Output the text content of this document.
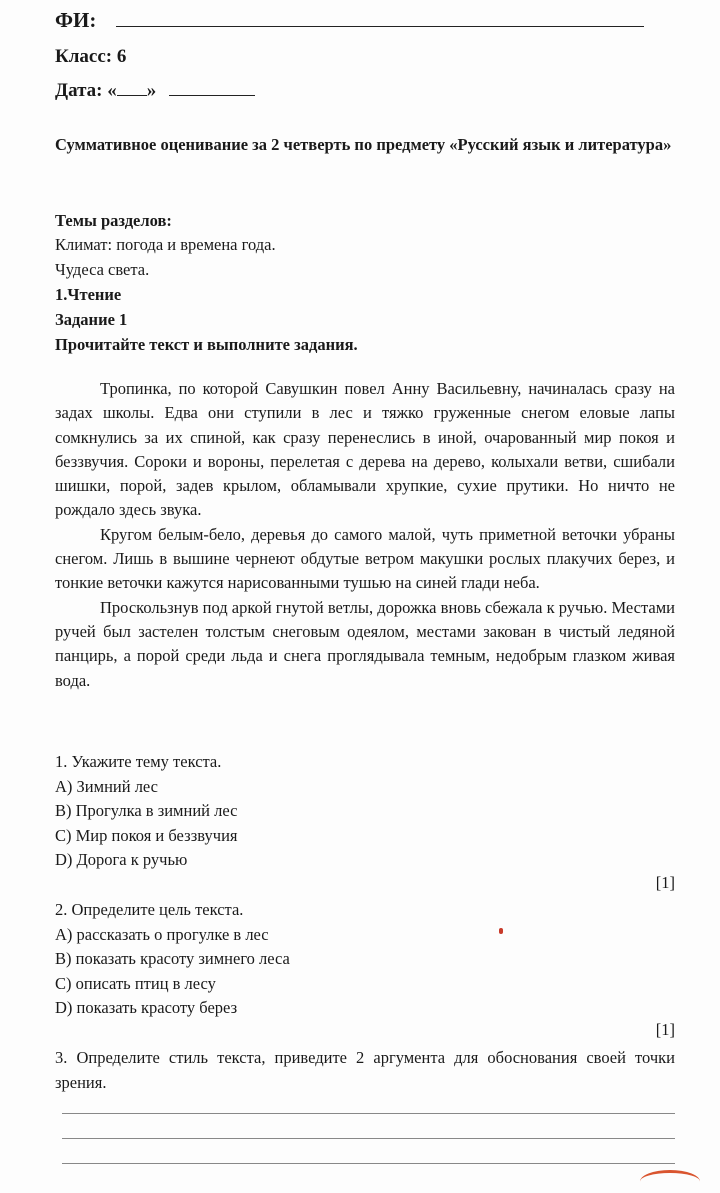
ФИ:
Класс: 6
Дата: « »
Суммативное оценивание за 2 четверть по предмету «Русский язык и литература»
Темы разделов:
Климат: погода и времена года.
Чудеса света.
1.Чтение
Задание 1
Прочитайте текст и выполните задания.

Тропинка, по которой Савушкин повел Анну Васильевну, начиналась сразу на задах школы. Едва они ступили в лес и тяжко груженные снегом еловые лапы сомкнулись за их спиной, как сразу перенеслись в иной, очарованный мир покоя и беззвучия. Сороки и вороны, перелетая с дерева на дерево, колыхали ветви, сшибали шишки, порой, задев крылом, обламывали хрупкие, сухие прутики. Но ничто не рождало здесь звука.

Кругом белым-бело, деревья до самого малой, чуть приметной веточки убраны снегом. Лишь в вышине чернеют обдутые ветром макушки рослых плакучих берез, и тонкие веточки кажутся нарисованными тушью на синей глади неба.

Проскользнув под аркой гнутой ветлы, дорожка вновь сбежала к ручью. Местами ручей был застелен толстым снеговым одеялом, местами закован в чистый ледяной панцирь, а порой среди льда и снега проглядывала темным, недобрым глазком живая вода.

1. Укажите тему текста.
A) Зимний лес
B) Прогулка в зимний лес
C) Мир покоя и беззвучия
D) Дорога к ручью
[1]
2. Определите цель текста.
A) рассказать о прогулке в лес
B) показать красоту зимнего леса
C) описать птиц в лесу
D) показать красоту берез
[1]
3. Определите стиль текста, приведите 2 аргумента для обоснования своей точки зрения.
